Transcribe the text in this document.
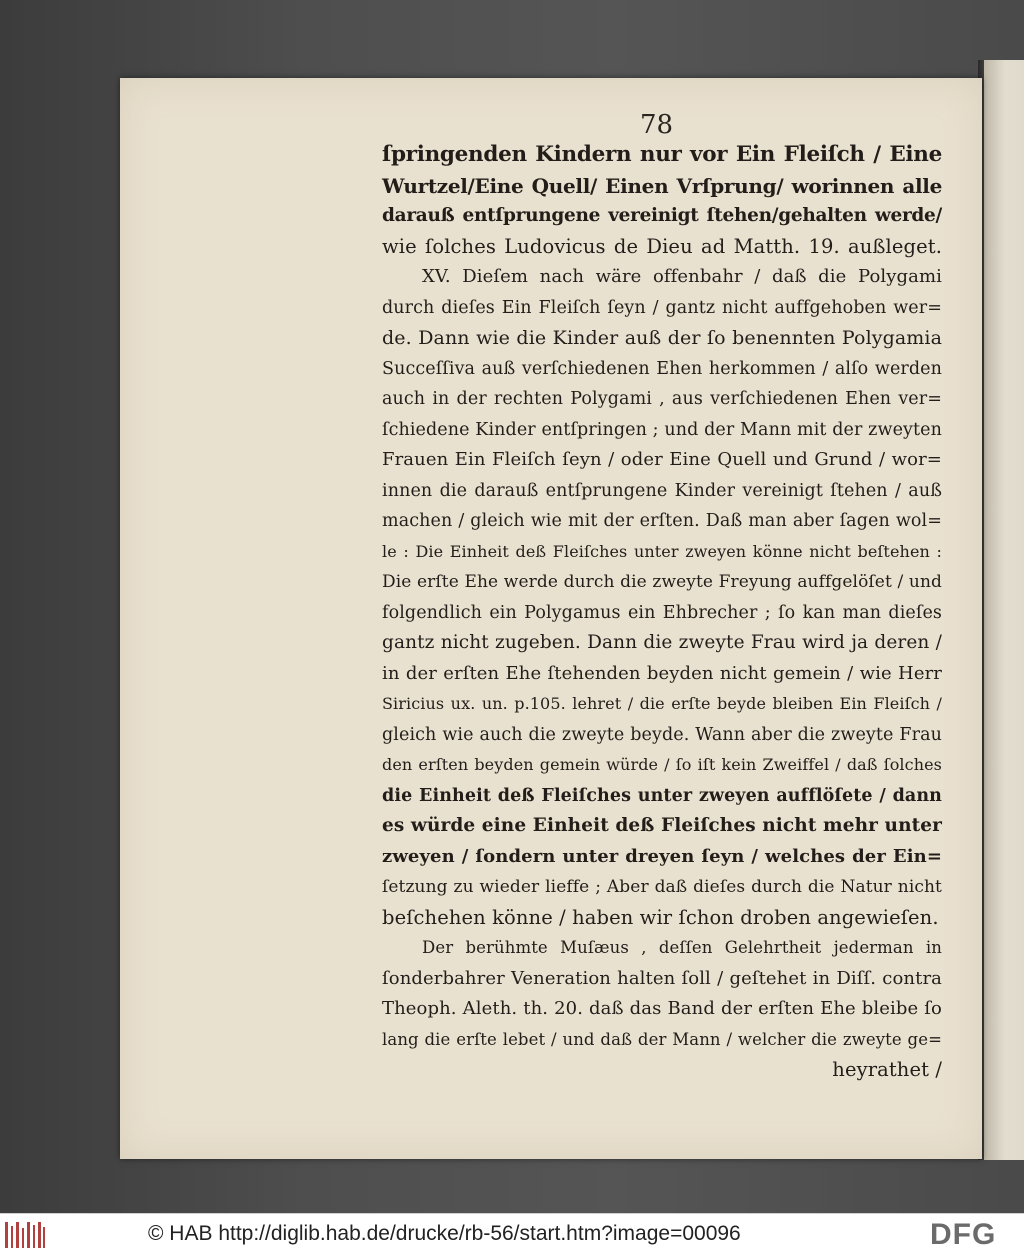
78
ſpringenden Kindern nur vor Ein Fleiſch / Eine
Wurtzel/Eine Quell/ Einen Vrſprung/ worinnen alle
darauß entſprungene vereinigt ſtehen/gehalten werde/
wie ſolches Ludovicus de Dieu ad Matth. 19. außleget.
XV. Dieſem nach wäre offenbahr / daß die Polygami
durch dieſes Ein Fleiſch ſeyn / gantz nicht auffgehoben wer=
de. Dann wie die Kinder auß der ſo benennten Polygamia
Succeſſiva auß verſchiedenen Ehen herkommen / alſo werden
auch in der rechten Polygami , aus verſchiedenen Ehen ver=
ſchiedene Kinder entſpringen ; und der Mann mit der zweyten
Frauen Ein Fleiſch ſeyn / oder Eine Quell und Grund / wor=
innen die darauß entſprungene Kinder vereinigt ſtehen / auß
machen / gleich wie mit der erſten. Daß man aber ſagen wol=
le : Die Einheit deß Fleiſches unter zweyen könne nicht beſtehen :
Die erſte Ehe werde durch die zweyte Freyung auffgelöſet / und
folgendlich ein Polygamus ein Ehbrecher ; ſo kan man dieſes
gantz nicht zugeben. Dann die zweyte Frau wird ja deren /
in der erſten Ehe ſtehenden beyden nicht gemein / wie Herr
Siricius ux. un. p.105. lehret / die erſte beyde bleiben Ein Fleiſch /
gleich wie auch die zweyte beyde. Wann aber die zweyte Frau
den erſten beyden gemein würde / ſo iſt kein Zweiffel / daß ſolches
die Einheit deß Fleiſches unter zweyen aufflöſete / dann
es würde eine Einheit deß Fleiſches nicht mehr unter
zweyen / ſondern unter dreyen ſeyn / welches der Ein=
ſetzung zu wieder lieffe ; Aber daß dieſes durch die Natur nicht
beſchehen könne / haben wir ſchon droben angewieſen.
Der berühmte Muſæus , deſſen Gelehrtheit jederman in
ſonderbahrer Veneration halten ſoll / geſtehet in Diſſ. contra
Theoph. Aleth. th. 20. daß das Band der erſten Ehe bleibe ſo
lang die erſte lebet / und daß der Mann / welcher die zweyte ge=
heyrathet /
© HAB http://diglib.hab.de/drucke/rb-56/start.htm?image=00096	DFG
